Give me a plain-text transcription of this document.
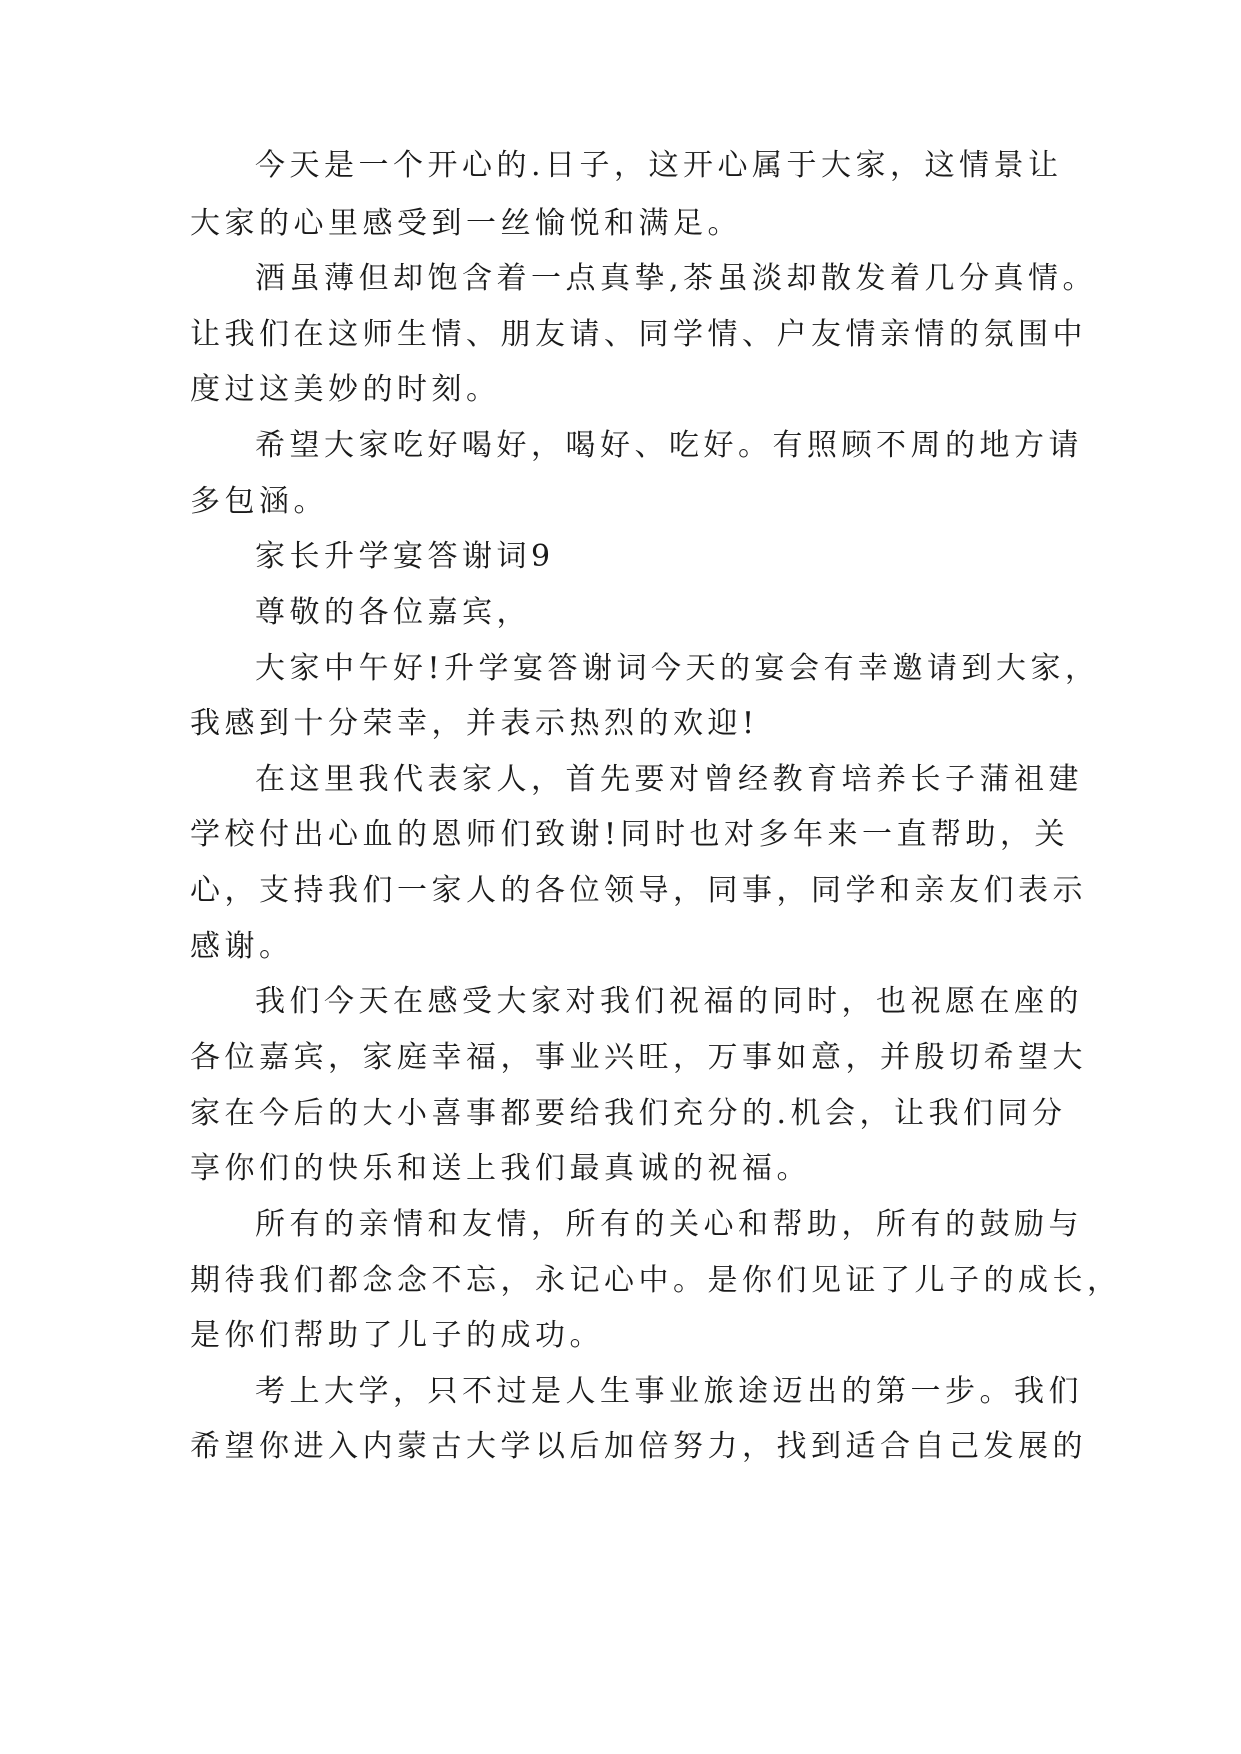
今天是一个开心的.日子，这开心属于大家，这情景让

大家的心里感受到一丝愉悦和满足。

酒虽薄但却饱含着一点真挚,茶虽淡却散发着几分真情。

让我们在这师生情、朋友请、同学情、户友情亲情的氛围中

度过这美妙的时刻。

希望大家吃好喝好，喝好、吃好。有照顾不周的地方请

多包涵。

家长升学宴答谢词9

尊敬的各位嘉宾，

大家中午好!升学宴答谢词今天的宴会有幸邀请到大家，

我感到十分荣幸，并表示热烈的欢迎!

在这里我代表家人，首先要对曾经教育培养长子蒲祖建

学校付出心血的恩师们致谢!同时也对多年来一直帮助，关

心，支持我们一家人的各位领导，同事，同学和亲友们表示

感谢。

我们今天在感受大家对我们祝福的同时，也祝愿在座的

各位嘉宾，家庭幸福，事业兴旺，万事如意，并殷切希望大

家在今后的大小喜事都要给我们充分的.机会，让我们同分

享你们的快乐和送上我们最真诚的祝福。

所有的亲情和友情，所有的关心和帮助，所有的鼓励与

期待我们都念念不忘，永记心中。是你们见证了儿子的成长，

是你们帮助了儿子的成功。

考上大学，只不过是人生事业旅途迈出的第一步。我们

希望你进入内蒙古大学以后加倍努力，找到适合自己发展的
